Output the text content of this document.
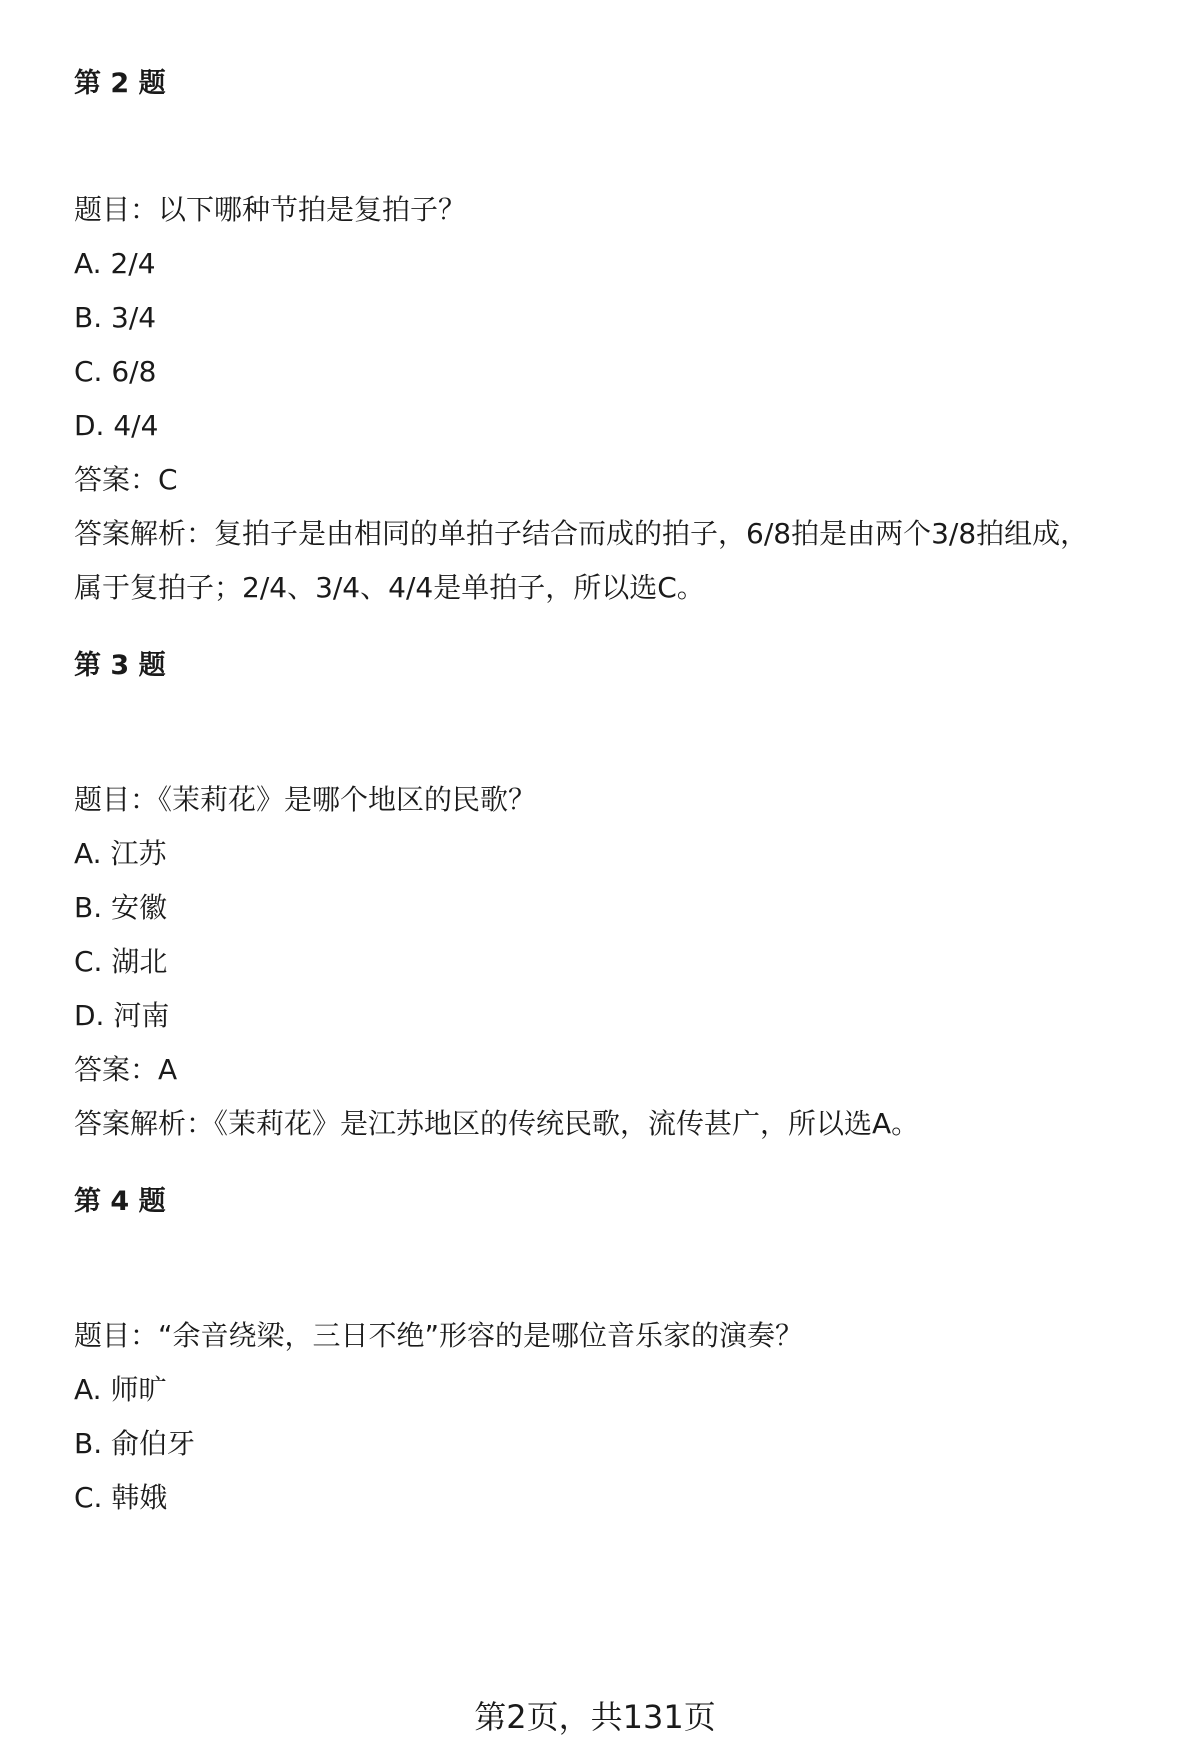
第 2 题
题目：以下哪种节拍是复拍子？
A. 2/4
B. 3/4
C. 6/8
D. 4/4
答案：C
答案解析：复拍子是由相同的单拍子结合而成的拍子，6/8拍是由两个3/8拍组成，
属于复拍子；2/4、3/4、4/4是单拍子，所以选C。
第 3 题
题目：《茉莉花》是哪个地区的民歌？
A. 江苏
B. 安徽
C. 湖北
D. 河南
答案：A
答案解析：《茉莉花》是江苏地区的传统民歌，流传甚广，所以选A。
第 4 题
题目：“余音绕梁，三日不绝”形容的是哪位音乐家的演奏？
A. 师旷
B. 俞伯牙
C. 韩娥
第2页，共131页
